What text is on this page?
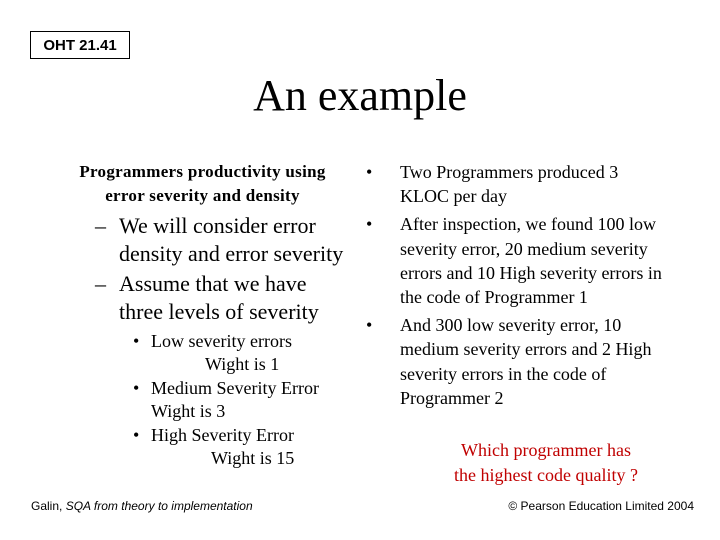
OHT 21.41
An example
Programmers productivity using
error severity and density
– We will consider error density and error severity
– Assume that we have three levels of severity
• Low severity errors
Wight is 1
• Medium Severity Error
Wight is 3
• High Severity Error
Wight is 15
• Two Programmers produced 3 KLOC per day
• After inspection, we found 100 low severity error, 20 medium severity errors and 10 High severity errors in the code of Programmer 1
• And 300 low severity error, 10 medium severity errors and 2 High severity errors in the code of Programmer 2
Which programmer has
the highest code quality ?
Galin, SQA from theory to implementation	© Pearson Education Limited 2004
